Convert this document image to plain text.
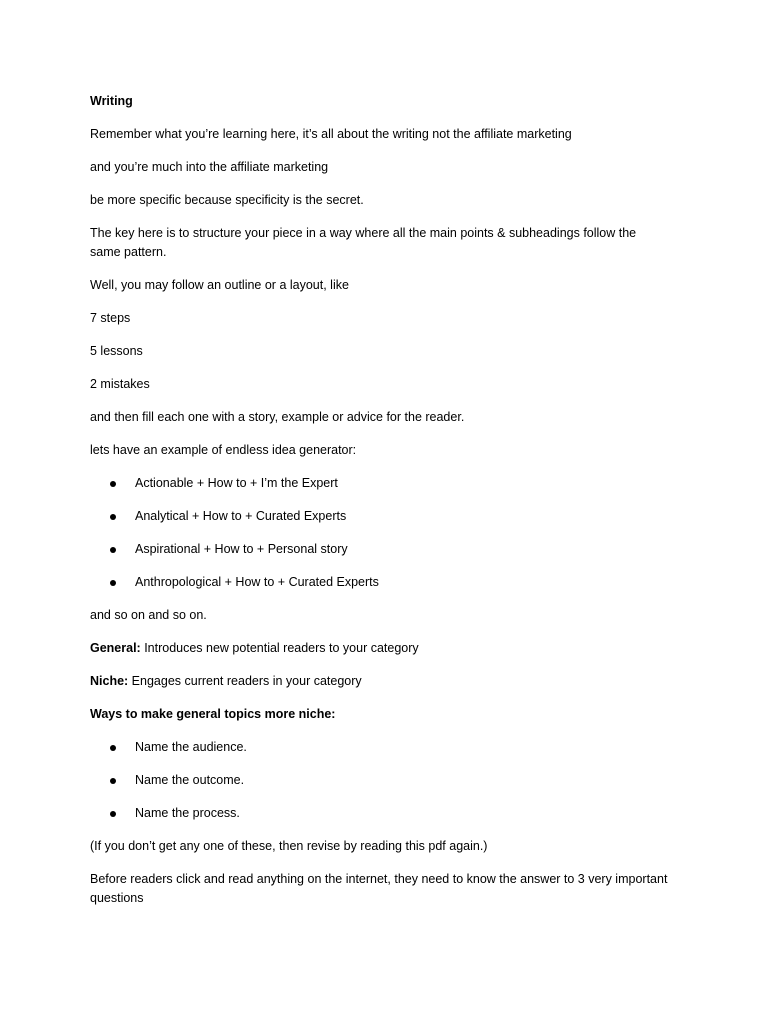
Writing

Remember what you’re learning here, it’s all about the writing not the affiliate marketing

and you’re much into the affiliate marketing

be more specific because specificity is the secret.

The key here is to structure your piece in a way where all the main points & subheadings follow the same pattern.

Well, you may follow an outline or a layout, like

7 steps

5 lessons

2 mistakes

and then fill each one with a story, example or advice for the reader.

lets have an example of endless idea generator:

Actionable + How to + I’m the Expert
Analytical + How to + Curated Experts
Aspirational + How to + Personal story
Anthropological + How to + Curated Experts

and so on and so on.

General: Introduces new potential readers to your category

Niche: Engages current readers in your category

Ways to make general topics more niche:

Name the audience.
Name the outcome.
Name the process.

(If you don’t get any one of these, then revise by reading this pdf again.)

Before readers click and read anything on the internet, they need to know the answer to 3 very important questions
